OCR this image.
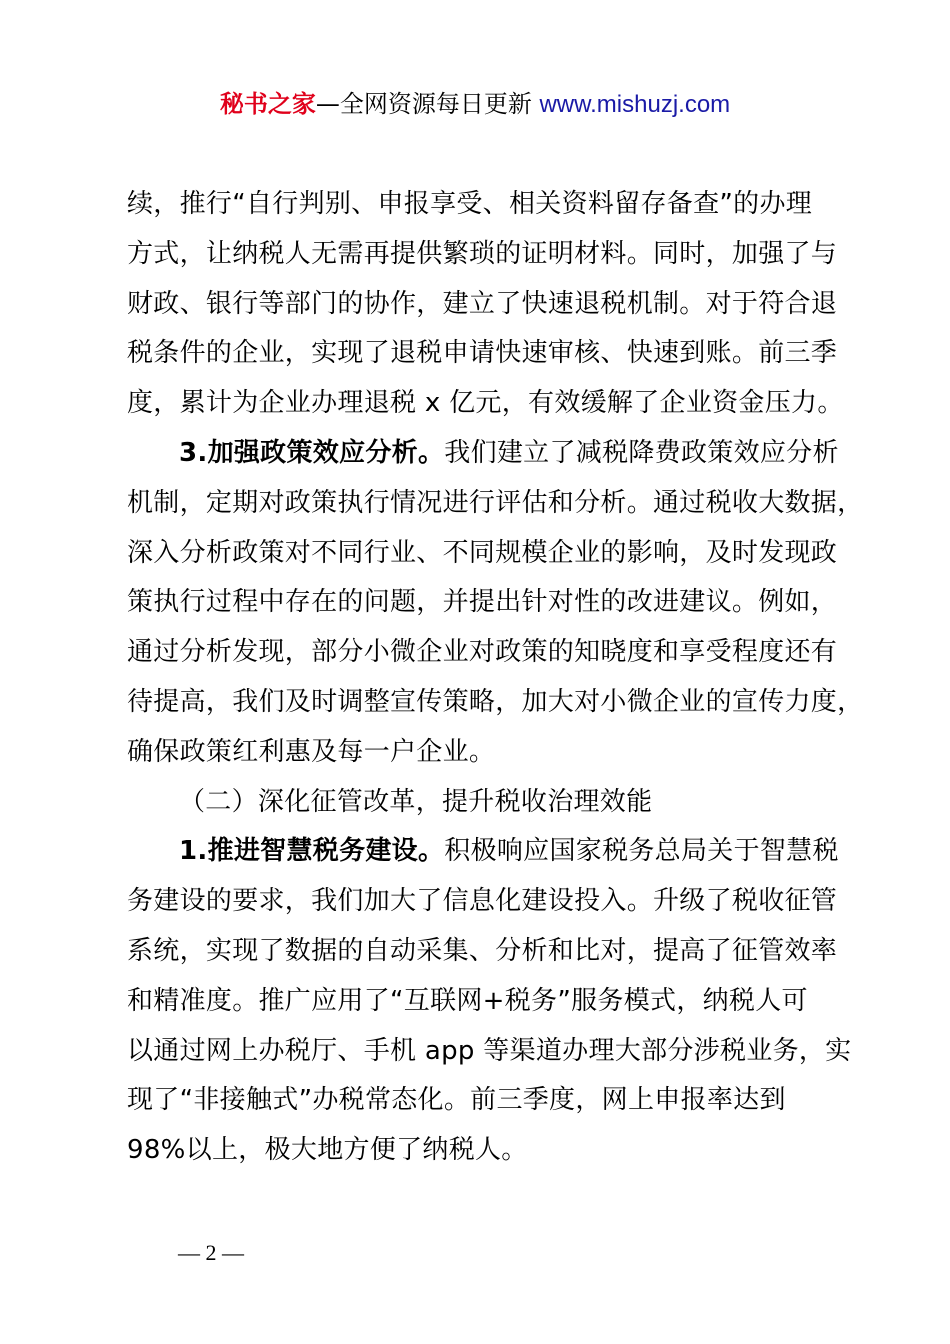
秘书之家—全网资源每日更新 www.mishuzj.com
续，推行“自行判别、申报享受、相关资料留存备查”的办理
方式，让纳税人无需再提供繁琐的证明材料。同时，加强了与
财政、银行等部门的协作，建立了快速退税机制。对于符合退
税条件的企业，实现了退税申请快速审核、快速到账。前三季
度，累计为企业办理退税 x 亿元，有效缓解了企业资金压力。
3.加强政策效应分析。我们建立了减税降费政策效应分析
机制，定期对政策执行情况进行评估和分析。通过税收大数据，
深入分析政策对不同行业、不同规模企业的影响，及时发现政
策执行过程中存在的问题，并提出针对性的改进建议。例如，
通过分析发现，部分小微企业对政策的知晓度和享受程度还有
待提高，我们及时调整宣传策略，加大对小微企业的宣传力度，
确保政策红利惠及每一户企业。
（二）深化征管改革，提升税收治理效能
1.推进智慧税务建设。积极响应国家税务总局关于智慧税
务建设的要求，我们加大了信息化建设投入。升级了税收征管
系统，实现了数据的自动采集、分析和比对，提高了征管效率
和精准度。推广应用了“互联网+税务”服务模式，纳税人可
以通过网上办税厅、手机 app 等渠道办理大部分涉税业务，实
现了“非接触式”办税常态化。前三季度，网上申报率达到
98%以上，极大地方便了纳税人。
— 2 —
